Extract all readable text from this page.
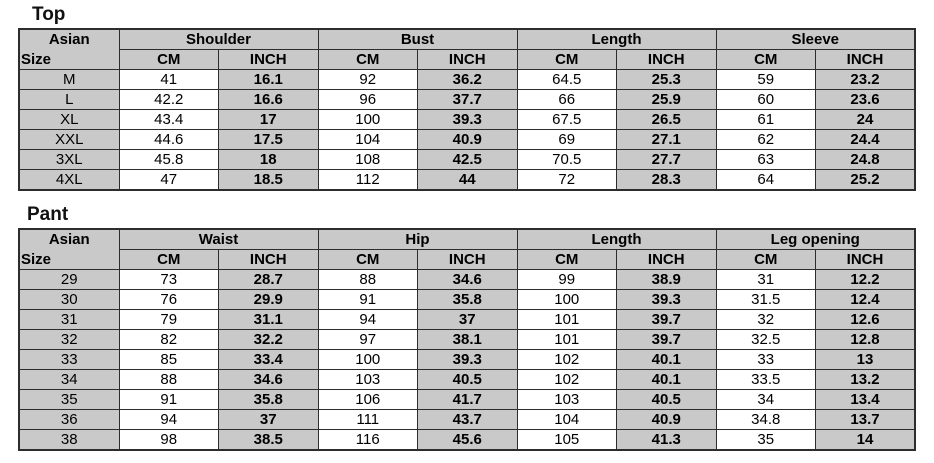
Top
Asian
Size	Shoulder		Bust		Length		Sleeve	
	CM	INCH	CM	INCH	CM	INCH	CM	INCH
M	41	16.1	92	36.2	64.5	25.3	59	23.2
L	42.2	16.6	96	37.7	66	25.9	60	23.6
XL	43.4	17	100	39.3	67.5	26.5	61	24
XXL	44.6	17.5	104	40.9	69	27.1	62	24.4
3XL	45.8	18	108	42.5	70.5	27.7	63	24.8
4XL	47	18.5	112	44	72	28.3	64	25.2
Pant
Asian
Size	Waist		Hip		Length		Leg opening	
	CM	INCH	CM	INCH	CM	INCH	CM	INCH
29	73	28.7	88	34.6	99	38.9	31	12.2
30	76	29.9	91	35.8	100	39.3	31.5	12.4
31	79	31.1	94	37	101	39.7	32	12.6
32	82	32.2	97	38.1	101	39.7	32.5	12.8
33	85	33.4	100	39.3	102	40.1	33	13
34	88	34.6	103	40.5	102	40.1	33.5	13.2
35	91	35.8	106	41.7	103	40.5	34	13.4
36	94	37	111	43.7	104	40.9	34.8	13.7
38	98	38.5	116	45.6	105	41.3	35	14
